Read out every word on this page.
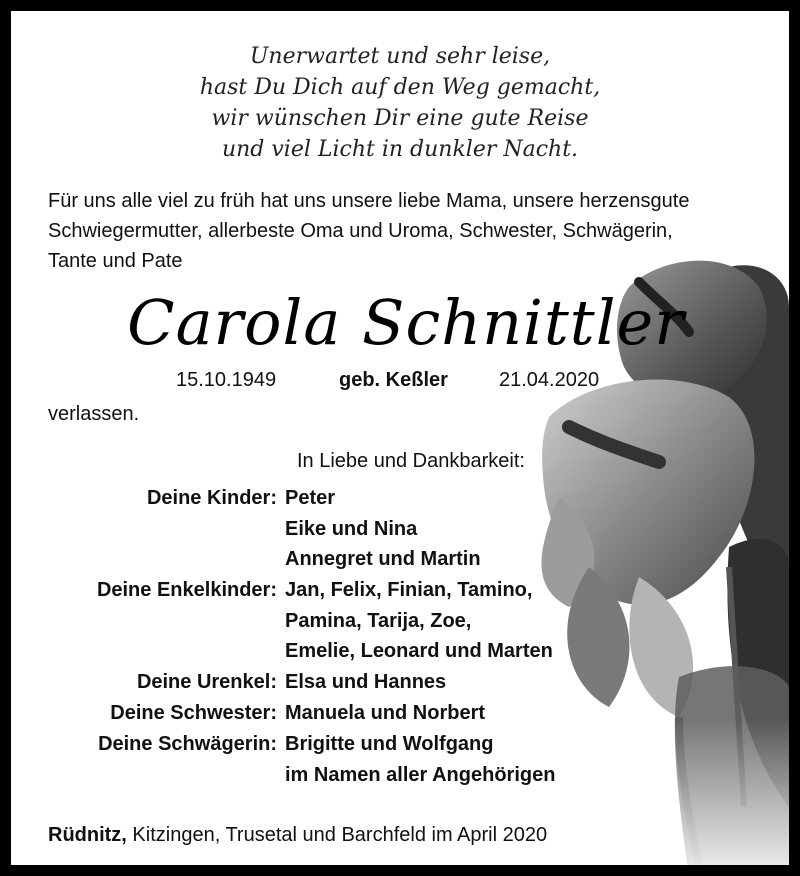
Unerwartet und sehr leise,
hast Du Dich auf den Weg gemacht,
wir wünschen Dir eine gute Reise
und viel Licht in dunkler Nacht.
Für uns alle viel zu früh hat uns unsere liebe Mama, unsere herzensgute
Schwiegermutter, allerbeste Oma und Uroma, Schwester, Schwägerin,
Tante und Pate
Carola Schnittler
15.10.1949	geb. Keßler	21.04.2020
verlassen.
In Liebe und Dankbarkeit:
Deine Kinder: Peter
Eike und Nina
Annegret und Martin
Deine Enkelkinder: Jan, Felix, Finian, Tamino,
Pamina, Tarija, Zoe,
Emelie, Leonard und Marten
Deine Urenkel: Elsa und Hannes
Deine Schwester: Manuela und Norbert
Deine Schwägerin: Brigitte und Wolfgang
im Namen aller Angehörigen
Rüdnitz, Kitzingen, Trusetal und Barchfeld im April 2020
